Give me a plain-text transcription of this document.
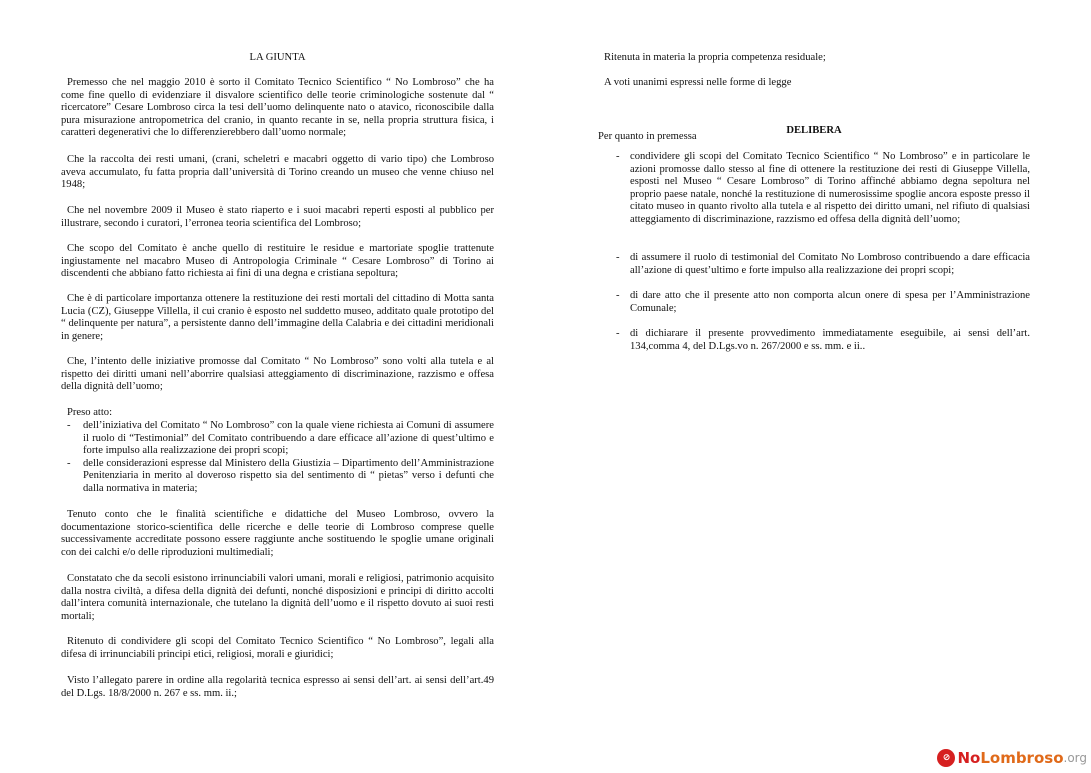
LA GIUNTA

Premesso che nel maggio 2010 è sorto il Comitato Tecnico Scientifico “ No Lombroso” che ha come fine quello di evidenziare il disvalore scientifico delle teorie criminologiche sostenute dal “ ricercatore” Cesare Lombroso circa la tesi dell’uomo delinquente nato o atavico, riconoscibile dalla pura misurazione antropometrica del cranio, in quanto recante in se, nella propria struttura fisica, i caratteri degenerativi che lo differenzierebbero dall’uomo normale;

Che la raccolta dei resti umani, (crani, scheletri e macabri oggetto di vario tipo) che Lombroso aveva accumulato, fu fatta propria dall’università di Torino creando un museo che venne chiuso nel 1948;

Che nel novembre 2009 il Museo è stato riaperto e i suoi macabri reperti esposti al pubblico per illustrare, secondo i curatori, l’erronea teoria scientifica del Lombroso;

Che scopo del Comitato è anche quello di restituire le residue e martoriate spoglie trattenute ingiustamente nel macabro Museo di Antropologia Criminale “ Cesare Lombroso” di Torino ai discendenti che abbiano fatto richiesta ai fini di una degna e cristiana sepoltura;

Che è di particolare importanza ottenere la restituzione dei resti mortali del cittadino di Motta santa Lucia (CZ), Giuseppe Villella, il cui cranio è esposto nel suddetto museo, additato quale prototipo del “ delinquente per natura”, a persistente danno dell’immagine della Calabria e dei cittadini meridionali in genere;

Che, l’intento delle iniziative promosse dal Comitato “ No Lombroso” sono volti alla tutela e al rispetto dei diritti umani nell’aborrire qualsiasi atteggiamento di discriminazione, razzismo e offesa della dignità dell’uomo;

Preso atto:

- dell’iniziativa del Comitato “ No Lombroso” con la quale viene richiesta ai Comuni di assumere il ruolo di “Testimonial” del Comitato contribuendo a dare efficace all’azione di quest’ultimo e forte impulso alla realizzazione dei propri scopi;
- delle considerazioni espresse dal Ministero della Giustizia – Dipartimento dell’Amministrazione Penitenziaria in merito al doveroso rispetto sia del sentimento di “ pietas” verso i defunti che dalla normativa in materia;

Tenuto conto che le finalità scientifiche e didattiche del Museo Lombroso, ovvero la documentazione storico-scientifica delle ricerche e delle teorie di Lombroso comprese quelle successivamente accreditate possono essere raggiunte anche sostituendo le spoglie umane originali con dei calchi e/o delle riproduzioni multimediali;

Constatato che da secoli esistono irrinunciabili valori umani, morali e religiosi, patrimonio acquisito dalla nostra civiltà, a difesa della dignità dei defunti, nonché disposizioni e principi di diritto accolti dall’intera comunità internazionale, che tutelano la dignità dell’uomo e il rispetto dovuto ai suoi resti mortali;

Ritenuto di condividere gli scopi del Comitato Tecnico Scientifico “ No Lombroso”, legali alla difesa di irrinunciabili principi etici, religiosi, morali e giuridici;

Visto l’allegato parere in ordine alla regolarità tecnica espresso ai sensi dell’art. ai sensi dell’art.49 del D.Lgs. 18/8/2000 n. 267 e ss. mm. ii.;

Ritenuta in materia la propria competenza residuale;

A voti unanimi espressi nelle forme di legge

DELIBERA

Per quanto in premessa

- condividere gli scopi del Comitato Tecnico Scientifico “ No Lombroso” e in particolare le azioni promosse dallo stesso al fine di ottenere la restituzione dei resti di Giuseppe Villella, esposti nel Museo “ Cesare Lombroso” di Torino affinché abbiamo degna sepoltura nel proprio paese natale, nonché la restituzione di numerosissime spoglie ancora esposte presso il citato museo in quanto rivolto alla tutela e al rispetto dei diritto umani, nel rifiuto di qualsiasi atteggiamento di discriminazione, razzismo ed offesa della dignità dell’uomo;
- di assumere il ruolo di testimonial del Comitato No Lombroso contribuendo a dare efficacia all’azione di quest’ultimo e forte impulso alla realizzazione dei propri scopi;
- di dare atto che il presente atto non comporta alcun onere di spesa per l’Amministrazione Comunale;
- di dichiarare il presente provvedimento immediatamente eseguibile, ai sensi dell’art. 134,comma 4, del D.Lgs.vo n. 267/2000 e ss. mm. e ii..
⊘ No Lombroso .org
